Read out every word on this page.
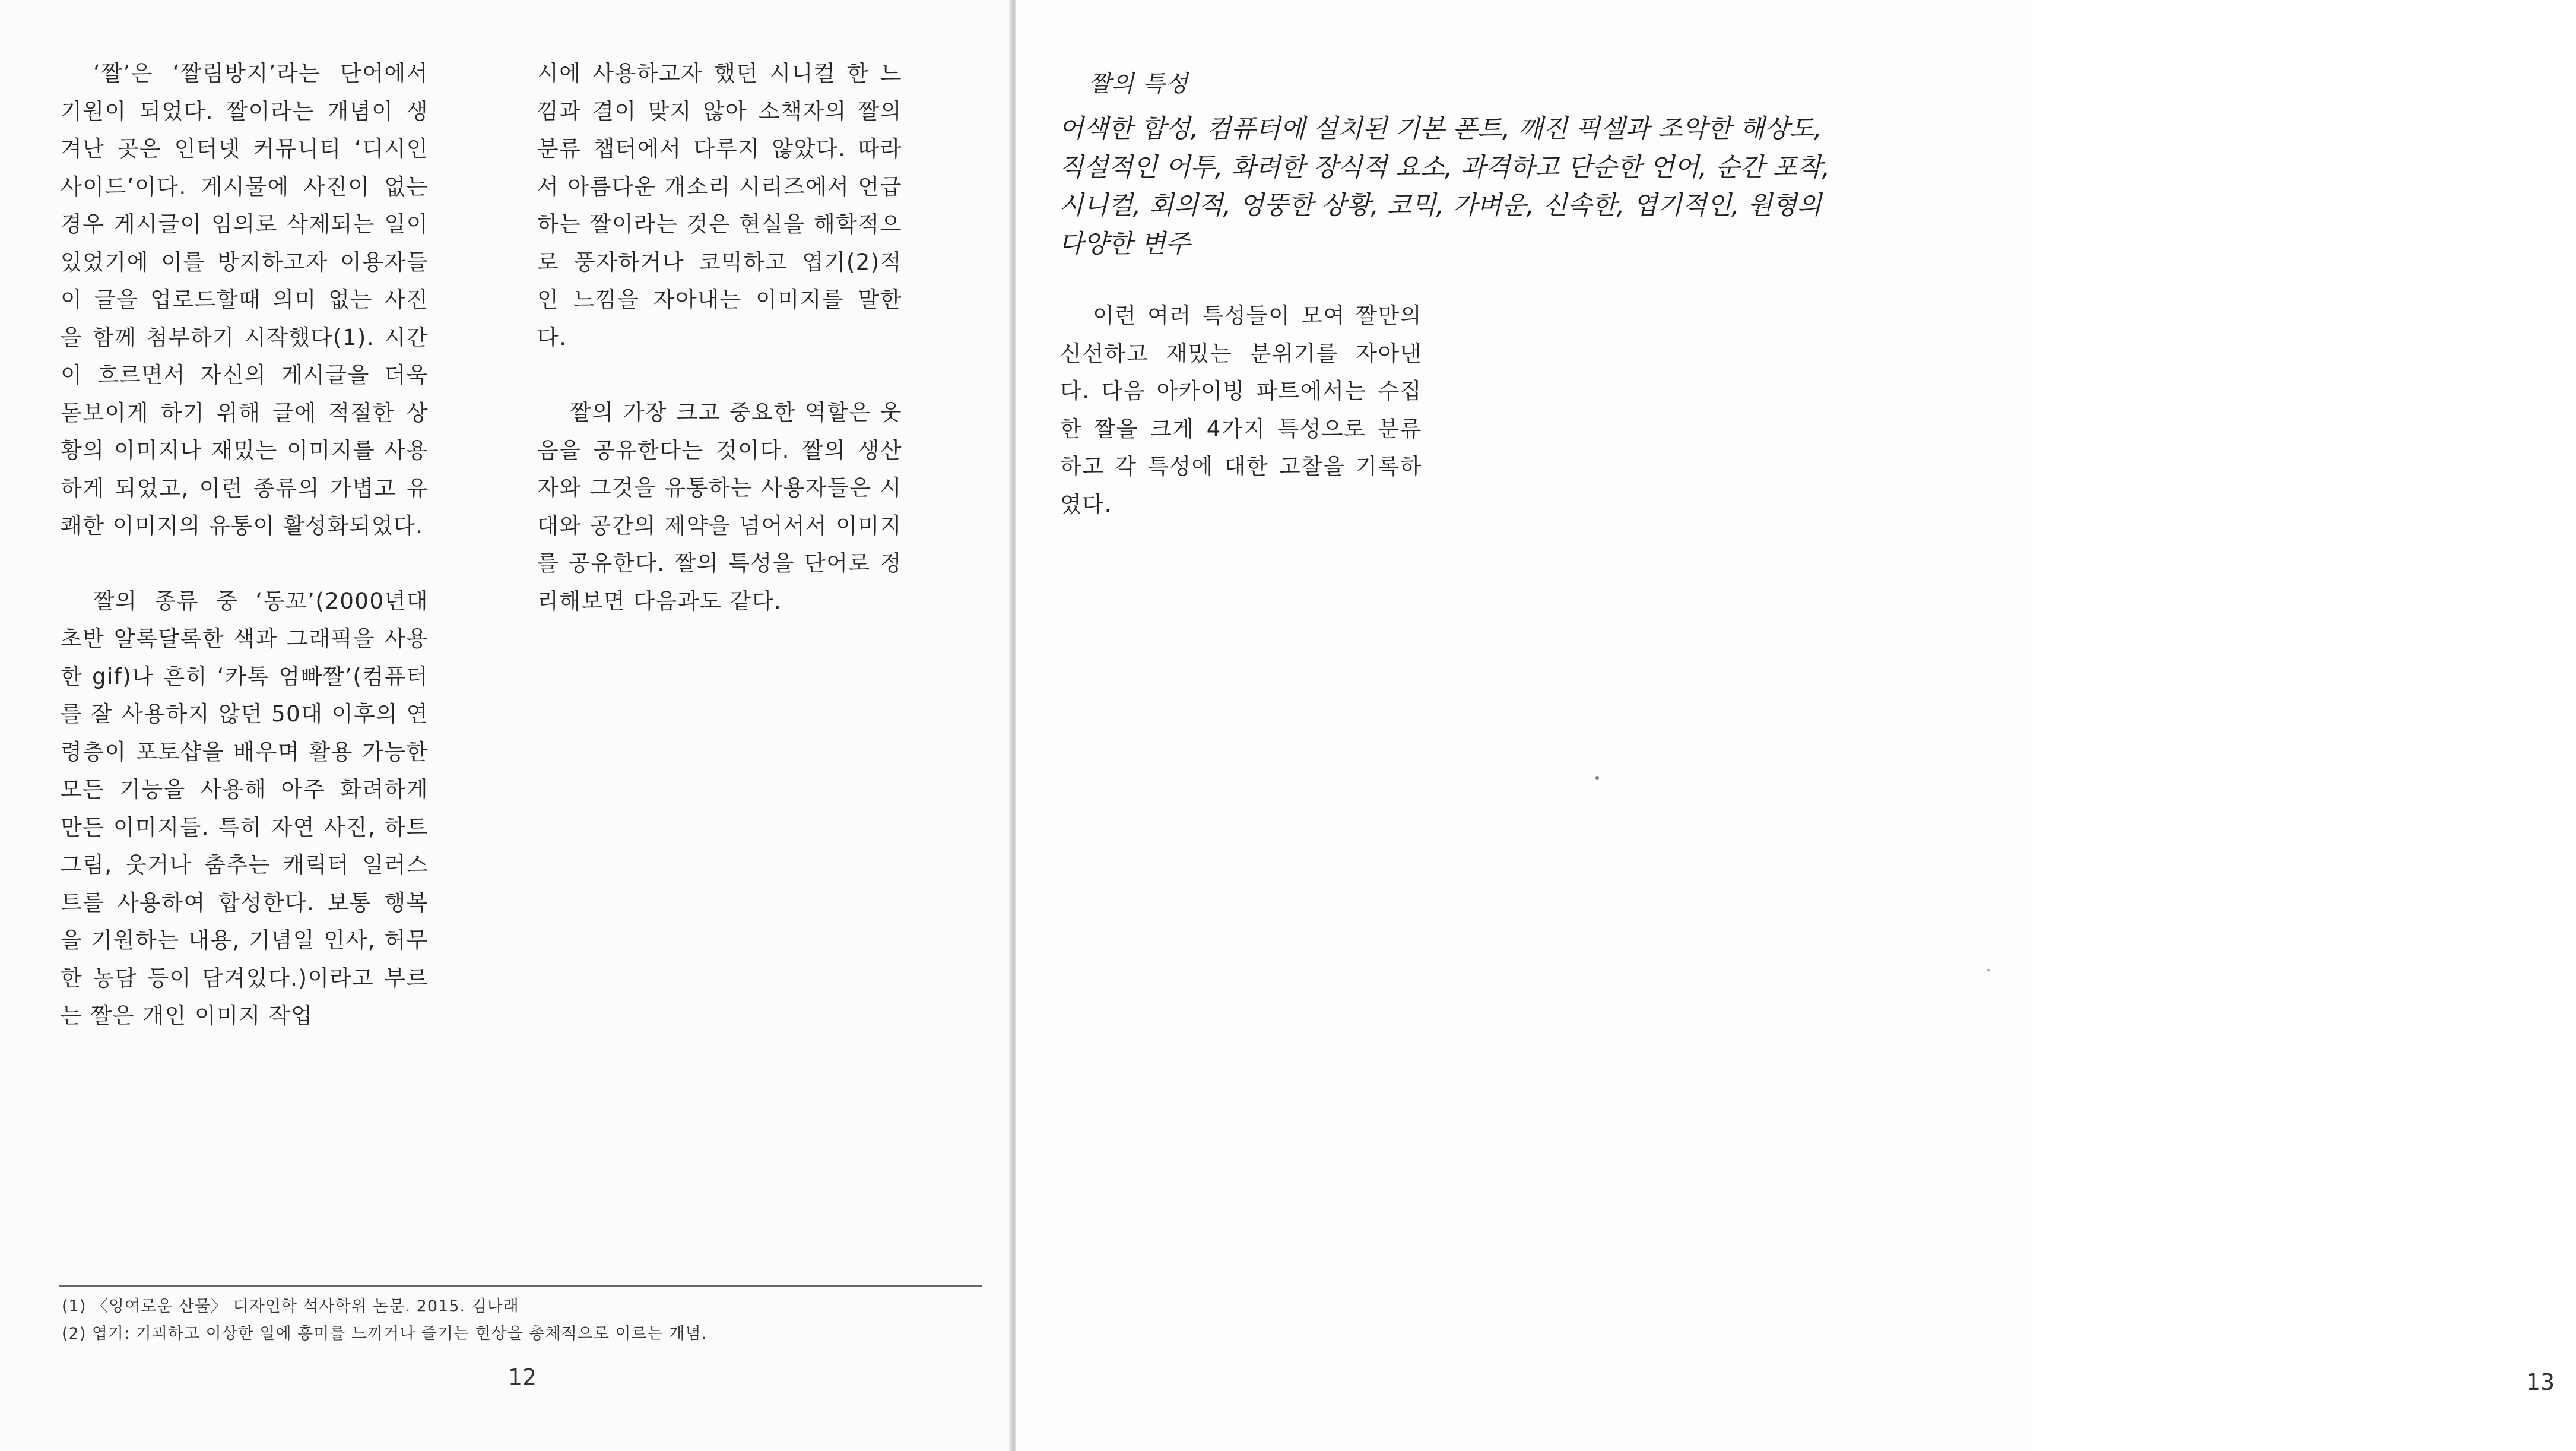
‘짤’은 ‘짤림방지’라는 단어에서 기원이 되었다. 짤이라는 개념이 생겨난 곳은 인터넷 커뮤니티 ‘디시인사이드’이다. 게시물에 사진이 없는 경우 게시글이 임의로 삭제되는 일이 있었기에 이를 방지하고자 이용자들이 글을 업로드할때 의미 없는 사진을 함께 첨부하기 시작했다(1). 시간이 흐르면서 자신의 게시글을 더욱 돋보이게 하기 위해 글에 적절한 상황의 이미지나 재밌는 이미지를 사용하게 되었고, 이런 종류의 가볍고 유쾌한 이미지의 유통이 활성화되었다.

짤의 종류 중 ‘동꼬’(2000년대 초반 알록달록한 색과 그래픽을 사용한 gif)나 흔히 ‘카톡 엄빠짤’(컴퓨터를 잘 사용하지 않던 50대 이후의 연령층이 포토샵을 배우며 활용 가능한 모든 기능을 사용해 아주 화려하게 만든 이미지들. 특히 자연 사진, 하트 그림, 웃거나 춤추는 캐릭터 일러스트를 사용하여 합성한다. 보통 행복을 기원하는 내용, 기념일 인사, 허무한 농담 등이 담겨있다.)이라고 부르는 짤은 개인 이미지 작업

시에 사용하고자 했던 시니컬 한 느낌과 결이 맞지 않아 소책자의 짤의 분류 챕터에서 다루지 않았다. 따라서 아름다운 개소리 시리즈에서 언급하는 짤이라는 것은 현실을 해학적으로 풍자하거나 코믹하고 엽기(2)적인 느낌을 자아내는 이미지를 말한다.

짤의 가장 크고 중요한 역할은 웃음을 공유한다는 것이다. 짤의 생산자와 그것을 유통하는 사용자들은 시대와 공간의 제약을 넘어서서 이미지를 공유한다. 짤의 특성을 단어로 정리해보면 다음과도 같다.

(1) 〈잉여로운 산물〉 디자인학 석사학위 논문. 2015. 김나래

(2) 엽기: 기괴하고 이상한 일에 흥미를 느끼거나 즐기는 현상을 총체적으로 이르는 개념.

12	13
짤의 특성
어색한 합성, 컴퓨터에 설치된 기본 폰트, 깨진 픽셀과 조악한 해상도, 직설적인 어투, 화려한 장식적 요소, 과격하고 단순한 언어, 순간 포착, 시니컬, 회의적, 엉뚱한 상황, 코믹, 가벼운, 신속한, 엽기적인, 원형의 다양한 변주

이런 여러 특성들이 모여 짤만의 신선하고 재밌는 분위기를 자아낸다. 다음 아카이빙 파트에서는 수집한 짤을 크게 4가지 특성으로 분류하고 각 특성에 대한 고찰을 기록하였다.
